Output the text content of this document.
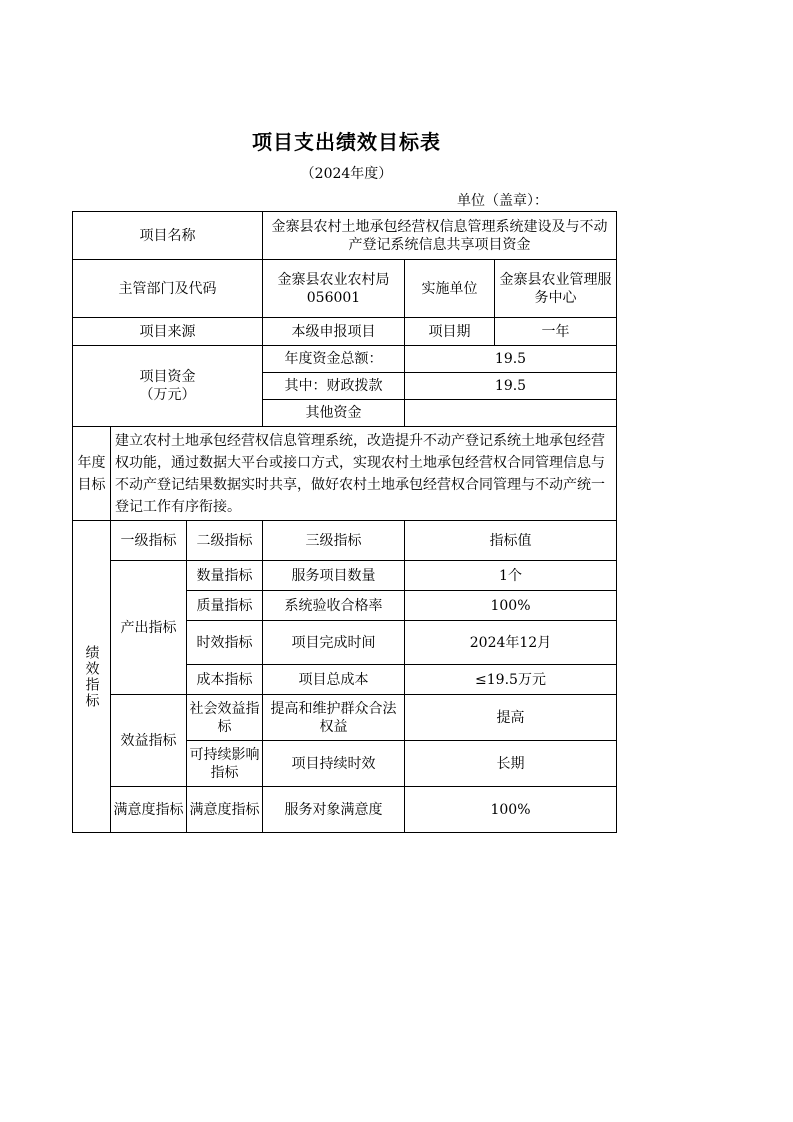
项目支出绩效目标表
（2024年度）
单位（盖章）：
项目名称			金寨县农村土地承包经营权信息管理系统建设及与不动产登记系统信息共享项目资金		
主管部门及代码			金寨县农业农村局056001	实施单位	金寨县农业管理服务中心
项目来源			本级申报项目	项目期	一年

项目资金
（万元）			年度资金总额：	19.5	
			其中：财政拨款	19.5	
			其他资金		

年度
目标	建立农村土地承包经营权信息管理系统，改造提升不动产登记系统土地承包经营权功能，通过数据大平台或接口方式，实现农村土地承包经营权合同管理信息与不动产登记结果数据实时共享，做好农村土地承包经营权合同管理与不动产统一登记工作有序衔接。				
绩效指标	一级指标	二级指标	三级指标	指标值	
	产出指标	数量指标	服务项目数量	1个	
		质量指标	系统验收合格率	100%	
		时效指标	项目完成时间	2024年12月	
		成本指标	项目总成本	≤19.5万元	
	效益指标	社会效益指标	提高和维护群众合法权益	提高	
		可持续影响指标	项目持续时效	长期	
	满意度指标	满意度指标	服务对象满意度	100%	
